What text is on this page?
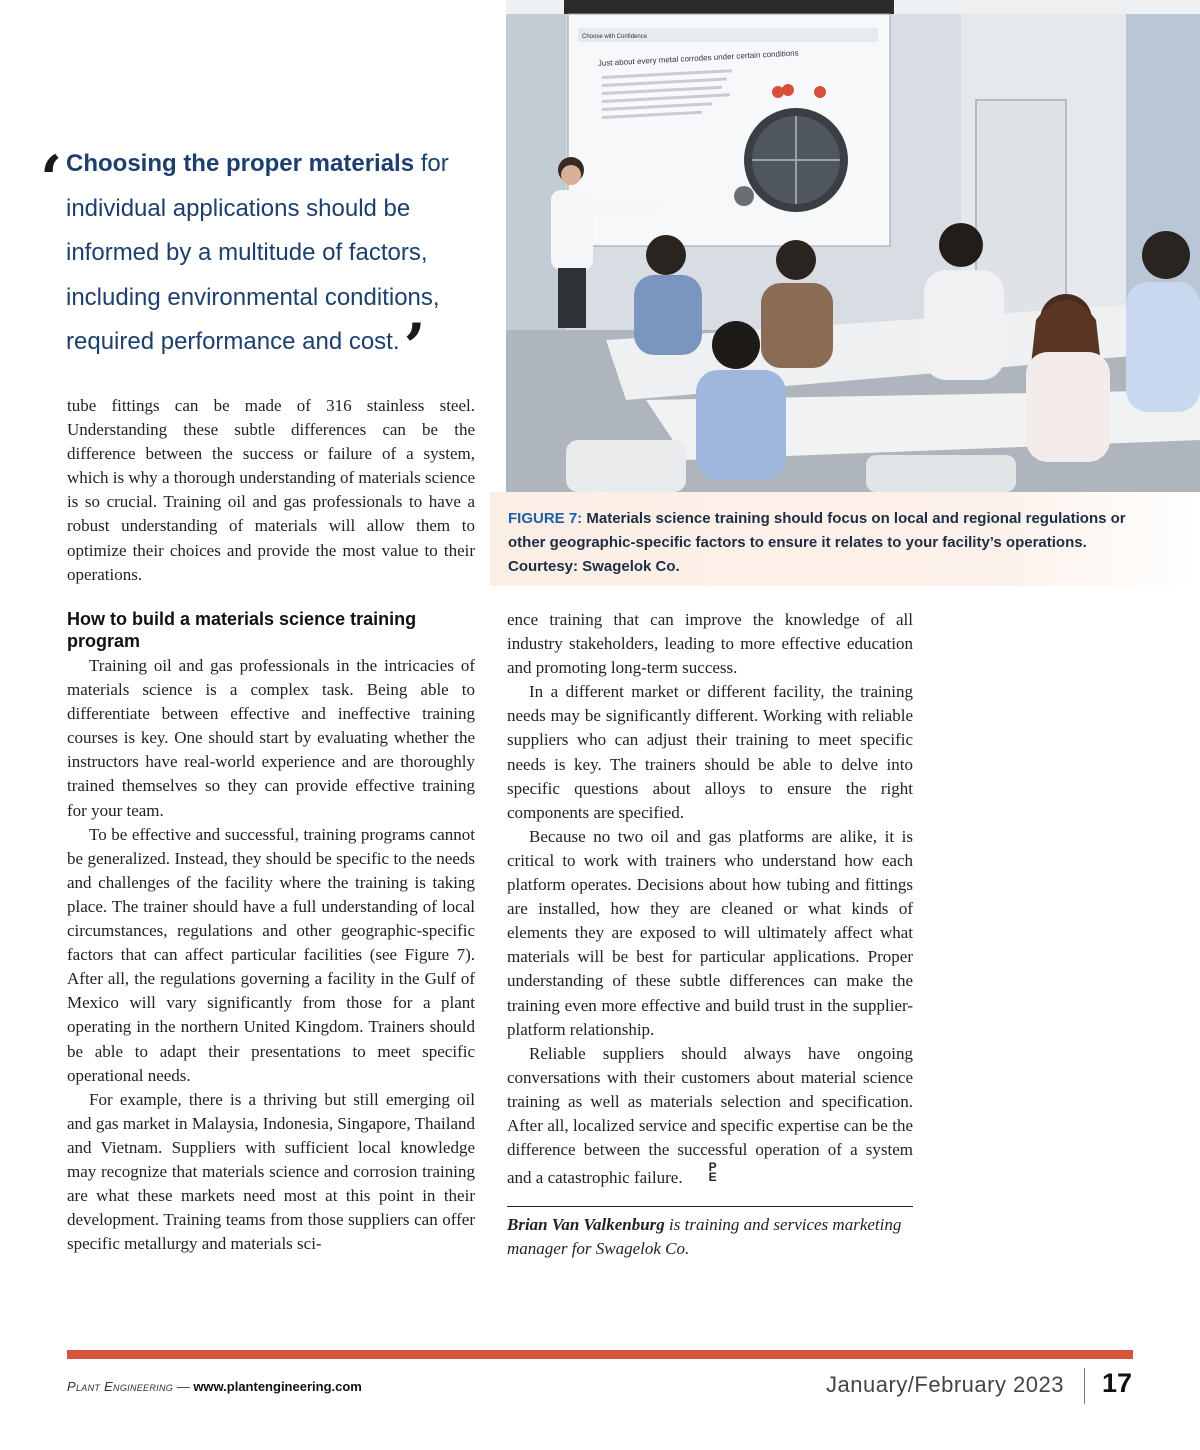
‘ Choosing the proper materials for individual applications should be informed by a multitude of factors, including environmental conditions, required performance and cost.’

tube fittings can be made of 316 stainless steel. Understanding these subtle differences can be the difference between the success or failure of a system, which is why a thorough understanding of materials science is so crucial. Training oil and gas professionals to have a robust understanding of materials will allow them to optimize their choices and provide the most value to their operations.

How to build a materials science training program

Training oil and gas professionals in the intricacies of materials science is a complex task. Being able to differentiate between effective and ineffective training courses is key. One should start by evaluating whether the instructors have real-world experience and are thoroughly trained themselves so they can provide effective training for your team.

To be effective and successful, training programs cannot be generalized. Instead, they should be specific to the needs and challenges of the facility where the training is taking place. The trainer should have a full understanding of local circumstances, regulations and other geographic-specific factors that can affect particular facilities (see Figure 7). After all, the regulations governing a facility in the Gulf of Mexico will vary significantly from those for a plant operating in the northern United Kingdom. Trainers should be able to adapt their presentations to meet specific operational needs.

For example, there is a thriving but still emerging oil and gas market in Malaysia, Indonesia, Singapore, Thailand and Vietnam. Suppliers with sufficient local knowledge may recognize that materials science and corrosion training are what these markets need most at this point in their development. Training teams from those suppliers can offer specific metallurgy and materials sci-

ence training that can improve the knowledge of all industry stakeholders, leading to more effective education and promoting long-term success.

In a different market or different facility, the training needs may be significantly different. Working with reliable suppliers who can adjust their training to meet specific needs is key. The trainers should be able to delve into specific questions about alloys to ensure the right components are specified.

Because no two oil and gas platforms are alike, it is critical to work with trainers who understand how each platform operates. Decisions about how tubing and fittings are installed, how they are cleaned or what kinds of elements they are exposed to will ultimately affect what materials will be best for particular applications. Proper understanding of these subtle differences can make the training even more effective and build trust in the supplier-platform relationship.

Reliable suppliers should always have ongoing conversations with their customers about material science training as well as materials selection and specification. After all, localized service and specific expertise can be the difference between the successful operation of a system and a catastrophic failure.
P
E

Brian Van Valkenburg is training and services marketing manager for Swagelok Co.

Choose with Confidence
Just about every metal corrodes under certain conditions
FIGURE 7: Materials science training should focus on local and regional regulations or other geographic-specific factors to ensure it relates to your facility’s operations. Courtesy: Swagelok Co.
Plant Engineering — www.plantengineering.com	January/February 2023 17
